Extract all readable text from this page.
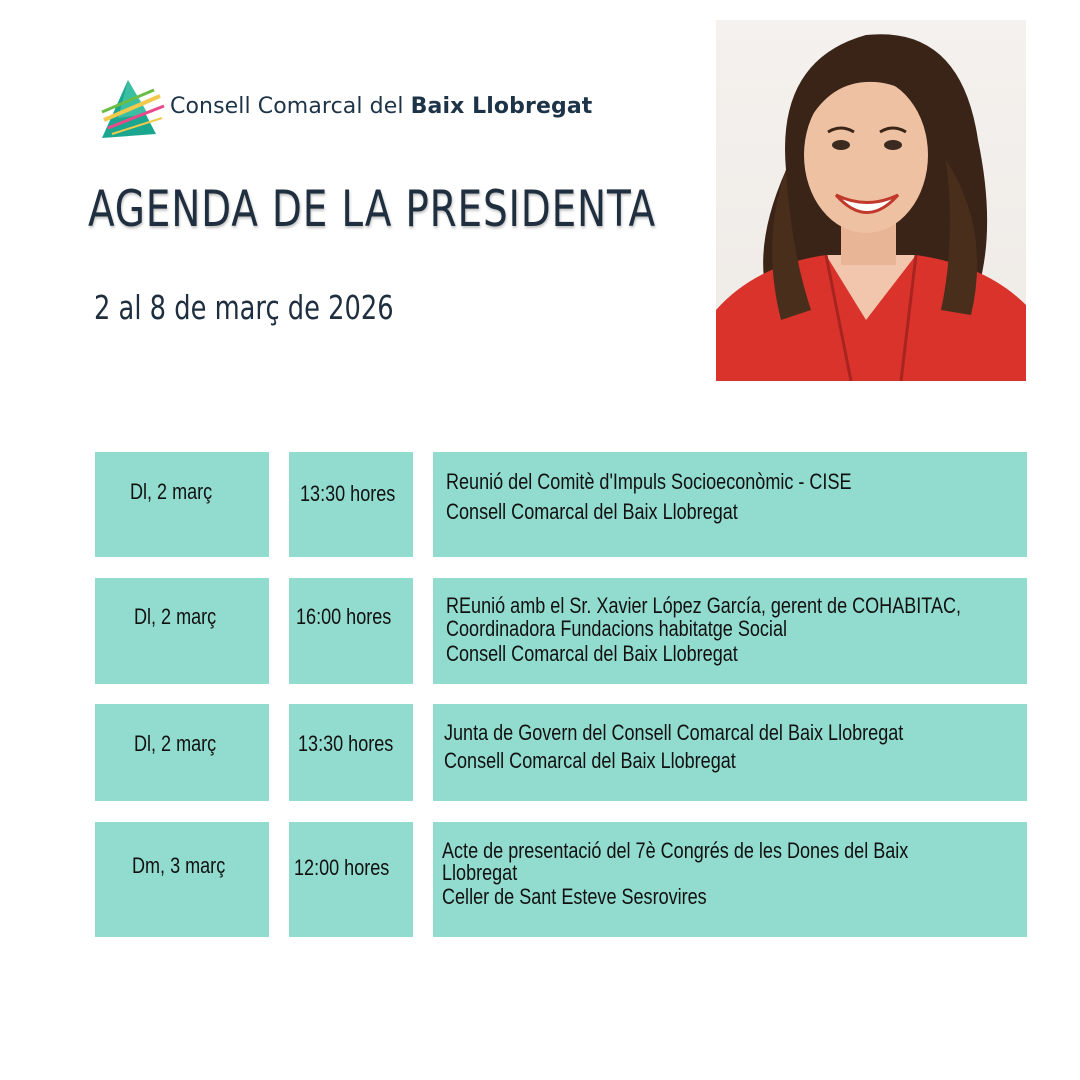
Consell Comarcal del Baix Llobregat
AGENDA DE LA PRESIDENTA
2 al 8 de març de 2026
Dl, 2 març	13:30 hores	Reunió del Comitè d'Impuls Socioeconòmic - CISE
Consell Comarcal del Baix Llobregat
Dl, 2 març	16:00 hores	REunió amb el Sr. Xavier López García, gerent de COHABITAC,
Coordinadora Fundacions habitatge Social
Consell Comarcal del Baix Llobregat
Dl, 2 març	13:30 hores	Junta de Govern del Consell Comarcal del Baix Llobregat
Consell Comarcal del Baix Llobregat
Dm, 3 març	12:00 hores
Acte de presentació del 7è Congrés de les Dones del Baix
Llobregat
Celler de Sant Esteve Sesrovires
